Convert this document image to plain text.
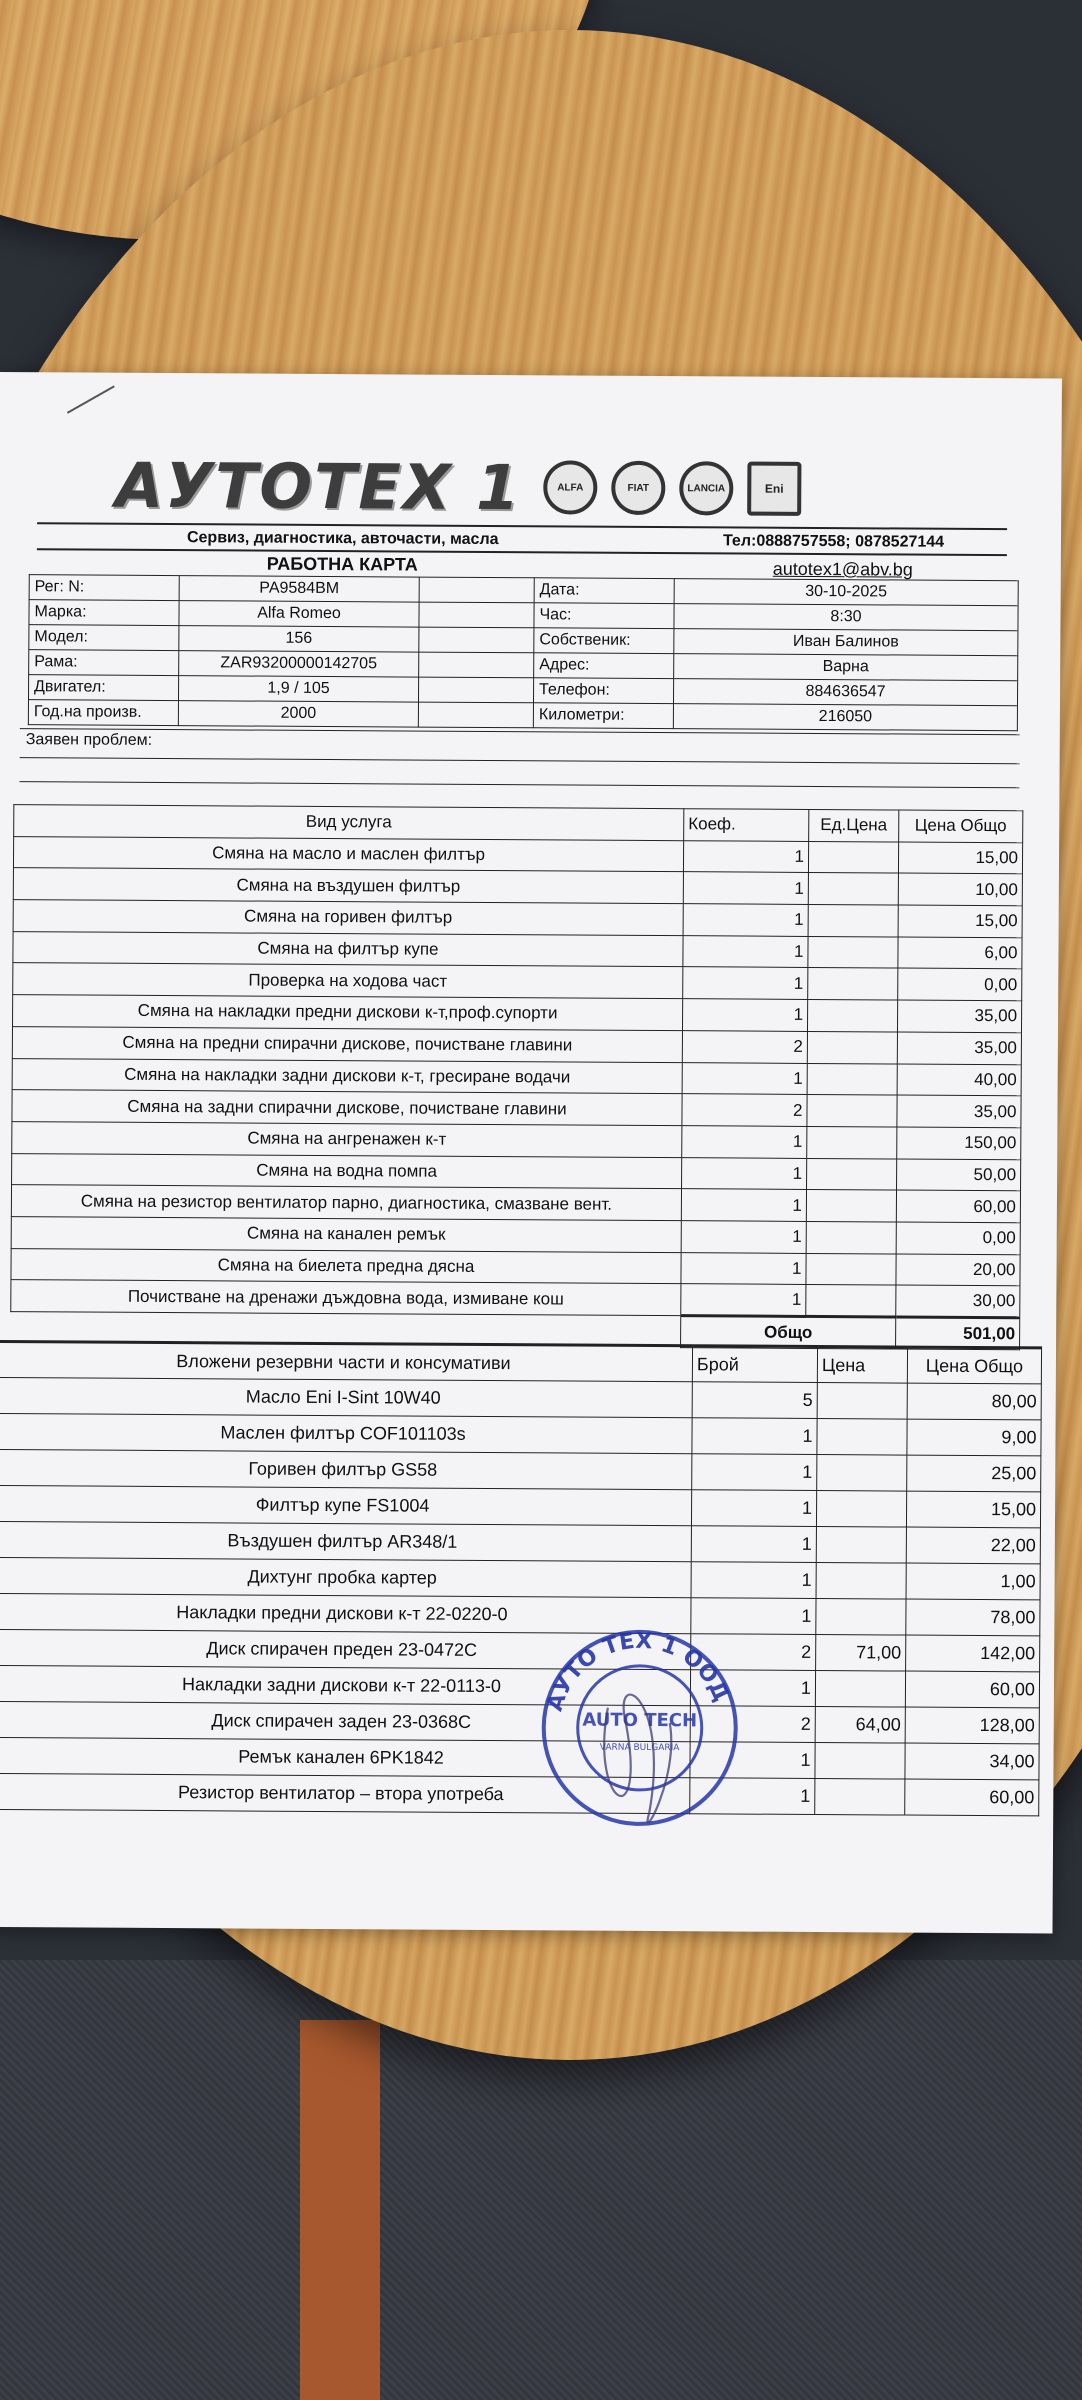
АУТОТЕХ 1	ALFA	FIAT	LANCIA	Eni
Сервиз, диагностика, авточасти, масла	Тел:0888757558; 0878527144
РАБОТНА КАРТА	autotex1@abv.bg
Рег: N:	РА9584ВМ		Дата:	30-10-2025
Марка:	Alfa Romeo		Час:	8:30
Модел:	156		Собственик:	Иван Балинов
Рама:	ZAR93200000142705		Адрес:	Варна
Двигател:	1,9 / 105		Телефон:	884636547
Год.на произв.	2000		Километри:	216050
Заявен проблем:
Вид услуга	Коеф.	Ед.Цена	Цена Общо
Смяна на масло и маслен филтър	1		15,00
Смяна на въздушен филтър	1		10,00
Смяна на горивен филтър	1		15,00
Смяна на филтър купе	1		6,00
Проверка на ходова част	1		0,00
Смяна на накладки предни дискови к-т,проф.супорти	1		35,00
Смяна на предни спирачни дискове, почистване главини	2		35,00
Смяна на накладки задни дискови к-т, гресиране водачи	1		40,00
Смяна на задни спирачни дискове, почистване главини	2		35,00
Смяна на ангренажен к-т	1		150,00
Смяна на водна помпа	1		50,00
Смяна на резистор вентилатор парно, диагностика, смазване вент.	1		60,00
Смяна на канален ремък	1		0,00
Смяна на биелета предна дясна	1		20,00
Почистване на дренажи дъждовна вода, измиване кош	1		30,00
	Общо		501,00
Вложени резервни части и консумативи	Брой	Цена	Цена Общо
Масло Eni I-Sint 10W40	5		80,00
Маслен филтър COF101103s	1		9,00
Горивен филтър GS58	1		25,00
Филтър купе FS1004	1		15,00
Въздушен филтър AR348/1	1		22,00
Дихтунг пробка картер	1		1,00
Накладки предни дискови к-т 22-0220-0	1		78,00
Диск спирачен преден 23-0472C	2	71,00	142,00
Накладки задни дискови к-т 22-0113-0	1		60,00
Диск спирачен заден 23-0368C	2	64,00	128,00
Ремък канален 6PK1842	1		34,00
Резистор вентилатор – втора употреба	1		60,00
АУТО ТЕХ 1 ООД
AUTO TECH
VARNA BULGARIA
